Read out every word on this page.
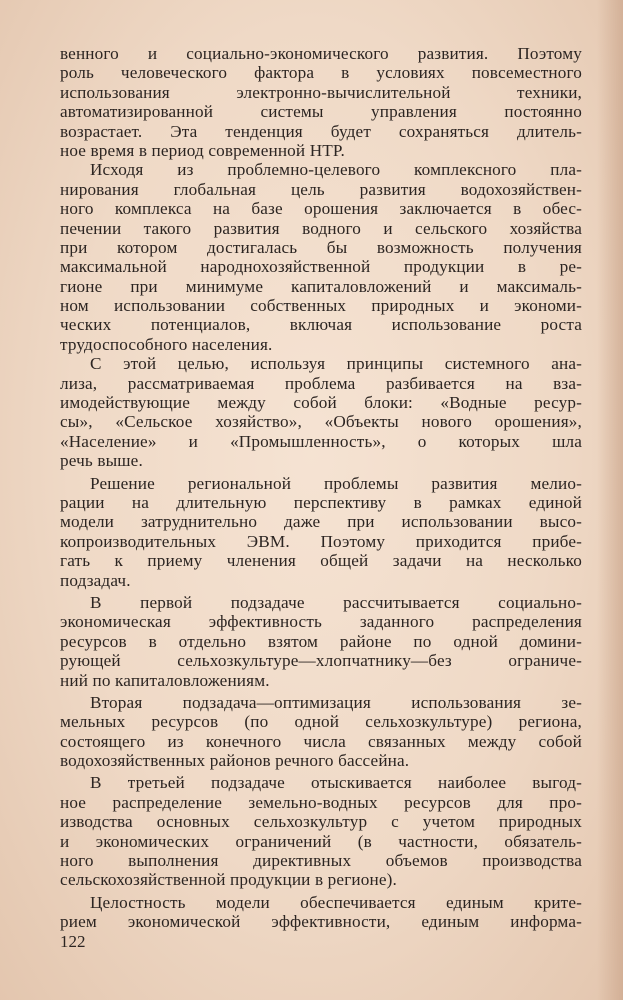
венного и социально-экономического развития. Поэтому
роль человеческого фактора в условиях повсеместного
использования электронно-вычислительной техники,
автоматизированной системы управления постоянно
возрастает. Эта тенденция будет сохраняться длитель-
ное время в период современной НТР.
Исходя из проблемно-целевого комплексного пла-
нирования глобальная цель развития водохозяйствен-
ного комплекса на базе орошения заключается в обес-
печении такого развития водного и сельского хозяйства
при котором достигалась бы возможность получения
максимальной народнохозяйственной продукции в ре-
гионе при минимуме капиталовложений и максималь-
ном использовании собственных природных и экономи-
ческих потенциалов, включая использование роста
трудоспособного населения.
С этой целью, используя принципы системного ана-
лиза, рассматриваемая проблема разбивается на вза-
имодействующие между собой блоки: «Водные ресур-
сы», «Сельское хозяйство», «Объекты нового орошения»,
«Население» и «Промышленность», о которых шла
речь выше.
Решение региональной проблемы развития мелио-
рации на длительную перспективу в рамках единой
модели затруднительно даже при использовании высо-
копроизводительных ЭВМ. Поэтому приходится прибе-
гать к приему членения общей задачи на несколько
подзадач.
В первой подзадаче рассчитывается социально-
экономическая эффективность заданного распределения
ресурсов в отдельно взятом районе по одной домини-
рующей сельхозкультуре—хлопчатнику—без ограниче-
ний по капиталовложениям.
Вторая подзадача—оптимизация использования зе-
мельных ресурсов (по одной сельхозкультуре) региона,
состоящего из конечного числа связанных между собой
водохозяйственных районов речного бассейна.
В третьей подзадаче отыскивается наиболее выгод-
ное распределение земельно-водных ресурсов для про-
изводства основных сельхозкультур с учетом природных
и экономических ограничений (в частности, обязатель-
ного выполнения директивных объемов производства
сельскохозяйственной продукции в регионе).
Целостность модели обеспечивается единым крите-
рием экономической эффективности, единым информа-
122
